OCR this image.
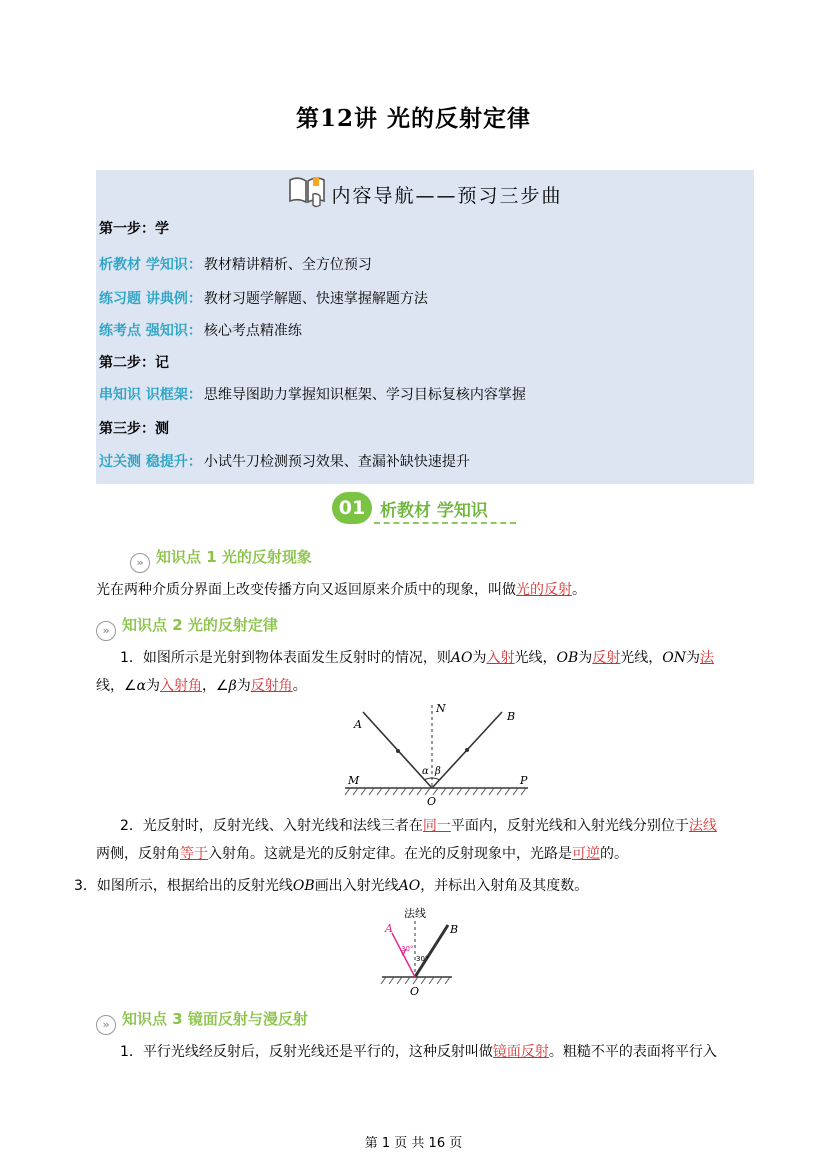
第12讲 光的反射定律
内容导航——预习三步曲
第一步：学
析教材 学知识： 教材精讲精析、全方位预习
练习题 讲典例： 教材习题学解题、快速掌握解题方法
练考点 强知识： 核心考点精准练
第二步：记
串知识 识框架： 思维导图助力掌握知识框架、学习目标复核内容掌握
第三步：测
过关测 稳提升： 小试牛刀检测预习效果、查漏补缺快速提升
01 析教材 学知识
» 知识点 1 光的反射现象
光在两种介质分界面上改变传播方向又返回原来介质中的现象，叫做光的反射。
» 知识点 2 光的反射定律
1．如图所示是光射到物体表面发生反射时的情况，则AO为入射光线，OB为反射光线，ON为法
线，∠α为入射角，∠β为反射角。
A
N
B
M	P
O
α β
2．光反射时，反射光线、入射光线和法线三者在同一平面内，反射光线和入射光线分别位于法线
两侧，反射角等于入射角。这就是光的反射定律。在光的反射现象中，光路是可逆的。
3．如图所示，根据给出的反射光线OB画出入射光线AO，并标出入射角及其度数。
法线
A	B
O
30°
30°
» 知识点 3 镜面反射与漫反射
1．平行光线经反射后，反射光线还是平行的，这种反射叫做镜面反射。粗糙不平的表面将平行入
第 1 页 共 16 页
